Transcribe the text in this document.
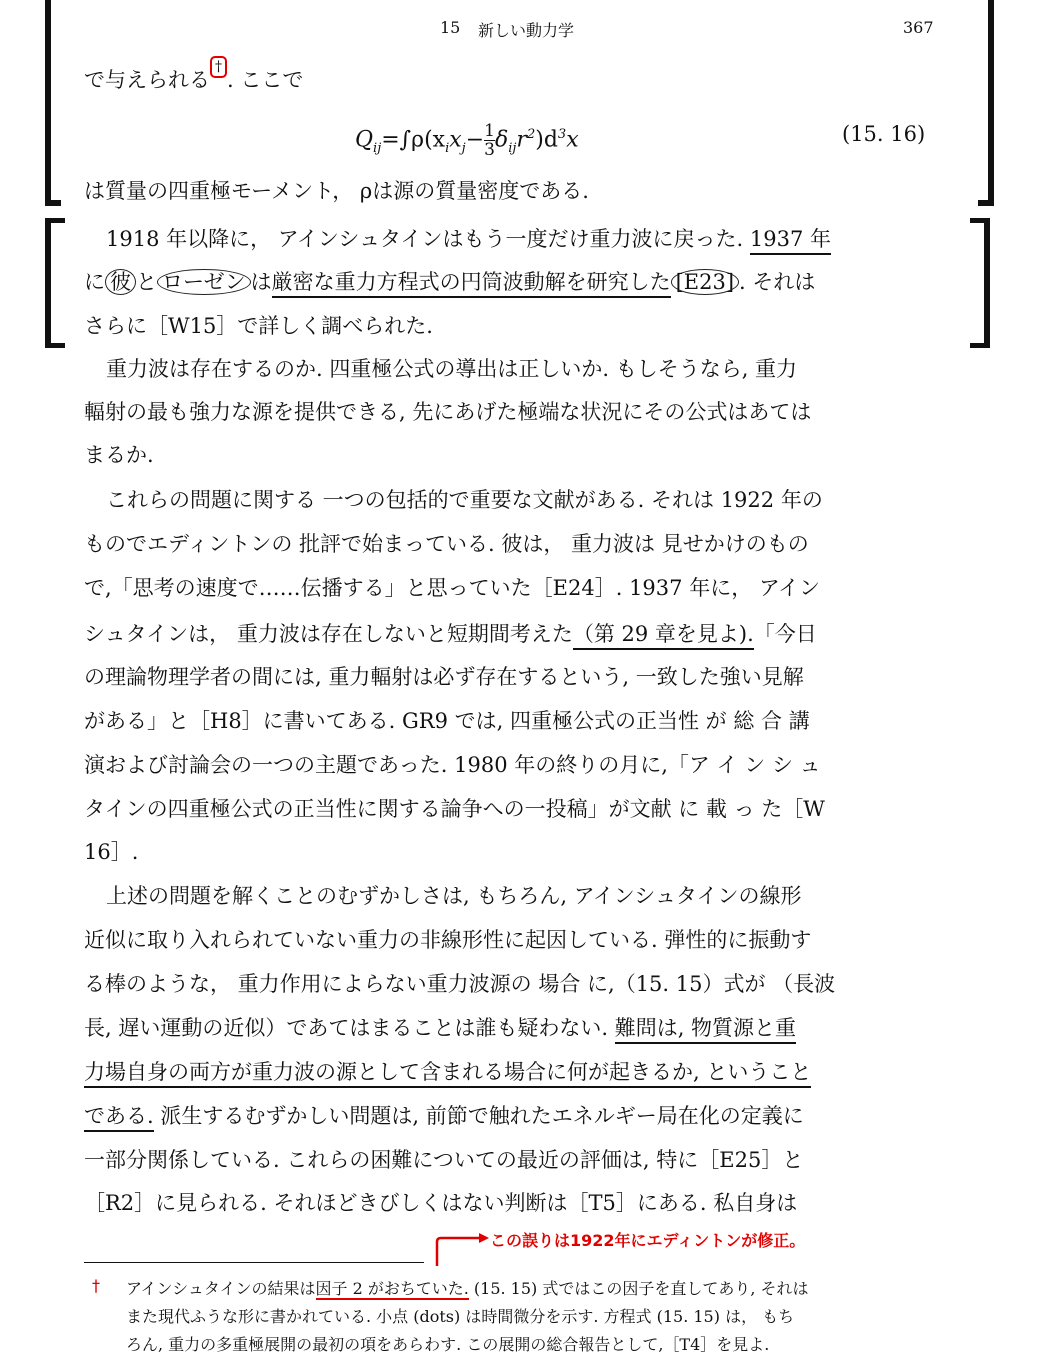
15 新しい動力学	367
で与えられる†. ここで
$Q_{ij}=\int\rho(x_ix_j- \frac{1}{3} \delta_{ij}r^2)d^3x$	(15. 16)
は質量の四重極モーメント， ρは源の質量密度である.
1918 年以降に， アインシュタインはもう一度だけ重力波に戻った. 1937 年
に 彼 と ローゼン は厳密な重力方程式の円筒波動解を研究した [E23] . それは
さらに［W15］で詳しく調べられた.
重力波は存在するのか. 四重極公式の導出は正しいか. もしそうなら, 重力
輻射の最も強力な源を提供できる, 先にあげた極端な状況にその公式はあては
まるか.
これらの問題に関する 一つの包括的で重要な文献がある. それは 1922 年の
ものでエディントンの 批評で始まっている. 彼は， 重力波は 見せかけのもの
で,「思考の速度で……伝播する」と思っていた［E24］. 1937 年に， アイン
シュタインは， 重力波は存在しないと短期間考えた（第 29 章を見よ).「今日
の理論物理学者の間には, 重力輻射は必ず存在するという, 一致した強い見解
がある」と［H8］に書いてある. GR9 では, 四重極公式の正当性 が 総 合 講
演および討論会の一つの主題であった. 1980 年の終りの月に,「ア イ ン シ ュ
タインの四重極公式の正当性に関する論争への一投稿」が文献 に 載 っ た［W
16］.
上述の問題を解くことのむずかしさは, もちろん, アインシュタインの線形
近似に取り入れられていない重力の非線形性に起因している. 弾性的に振動す
る棒のような， 重力作用によらない重力波源の 場合 に,（15. 15）式が （長波
長, 遅い運動の近似）であてはまることは誰も疑わない. 難問は, 物質源と重
力場自身の両方が重力波の源として含まれる場合に何が起きるか, ということ
である. 派生するむずかしい問題は, 前節で触れたエネルギー局在化の定義に
一部分関係している. これらの困難についての最近の評価は, 特に［E25］と
［R2］に見られる. それほどきびしくはない判断は［T5］にある. 私自身は
この誤りは1922年にエディントンが修正。
† アインシュタインの結果は因子 2 がおちていた. (15. 15) 式ではこの因子を直してあり, それは
また現代ふうな形に書かれている. 小点 (dots) は時間微分を示す. 方程式 (15. 15) は， もち
ろん, 重力の多重極展開の最初の項をあらわす. この展開の総合報告として,［T4］を見よ.
